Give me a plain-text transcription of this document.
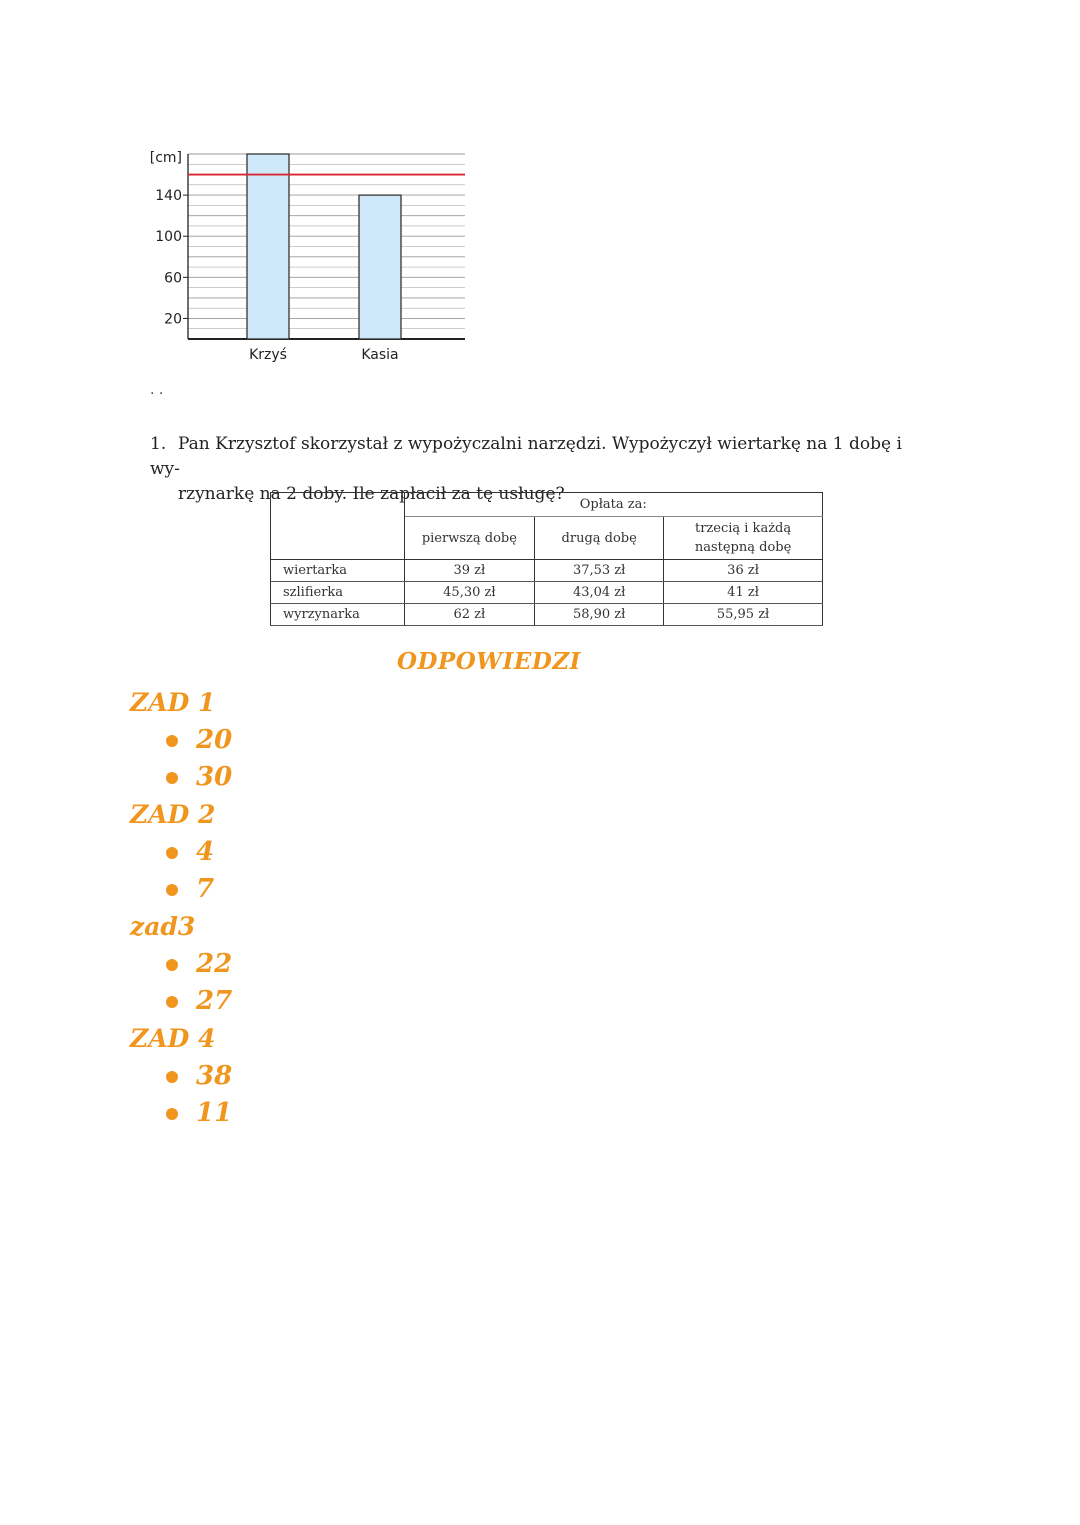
20
60
100
140
[cm]
Krzyś	Kasia
. .
1. Pan Krzysztof skorzystał z wypożyczalni narzędzi. Wypożyczył wiertarkę na 1 dobę i wy-
rzynarkę na 2 doby. Ile zapłacił za tę usługę?
	Opłata za:		
	pierwszą dobę	drugą dobę	trzecią i każdą następną dobę
wiertarka	39 zł	37,53 zł	36 zł
szlifierka	45,30 zł	43,04 zł	41 zł
wyrzynarka	62 zł	58,90 zł	55,95 zł
ODPOWIEDZI
ZAD 1
20
30
ZAD 2
4
7
zad3
22
27
ZAD 4
38
11
